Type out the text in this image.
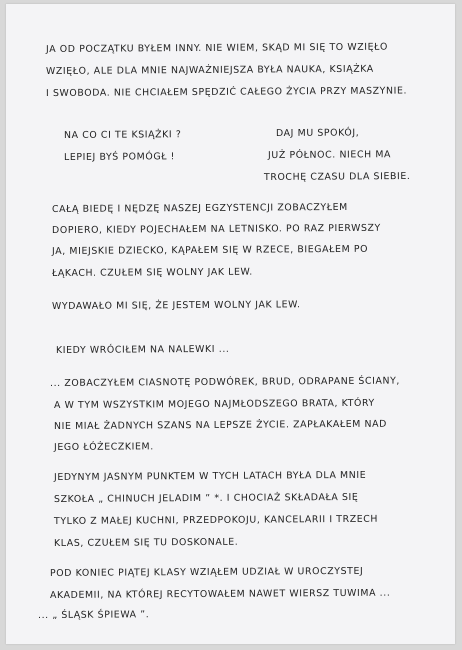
JA OD POCZĄTKU BYŁEM INNY. NIE WIEM, SKĄD MI SIĘ TO WZIĘŁO
WZIĘŁO, ALE DLA MNIE NAJWAŻNIEJSZA BYŁA NAUKA, KSIĄŻKA
I SWOBODA. NIE CHCIAŁEM SPĘDZIĆ CAŁEGO ŻYCIA PRZY MASZYNIE.
NA CO CI TE KSIĄŻKI ?
LEPIEJ BYŚ POMÓGŁ !
DAJ MU SPOKÓJ,
JUŻ PÓŁNOC. NIECH MA
TROCHĘ CZASU DLA SIEBIE.
CAŁĄ BIEDĘ I NĘDZĘ NASZEJ EGZYSTENCJI ZOBACZYŁEM
DOPIERO, KIEDY POJECHAŁEM NA LETNISKO. PO RAZ PIERWSZY
JA, MIEJSKIE DZIECKO, KĄPAŁEM SIĘ W RZECE, BIEGAŁEM PO
ŁĄKACH. CZUŁEM SIĘ WOLNY JAK LEW.
WYDAWAŁO MI SIĘ, ŻE JESTEM WOLNY JAK LEW.
KIEDY WRÓCIŁEM NA NALEWKI ...
... ZOBACZYŁEM CIASNOTĘ PODWÓREK, BRUD, ODRAPANE ŚCIANY,
A W TYM WSZYSTKIM MOJEGO NAJMŁODSZEGO BRATA, KTÓRY
NIE MIAŁ ŻADNYCH SZANS NA LEPSZE ŻYCIE. ZAPŁAKAŁEM NAD
JEGO ŁÓŻECZKIEM.
JEDYNYM JASNYM PUNKTEM W TYCH LATACH BYŁA DLA MNIE
SZKOŁA „ CHINUCH JELADIM ” *. I CHOCIAŻ SKŁADAŁA SIĘ
TYLKO Z MAŁEJ KUCHNI, PRZEDPOKOJU, KANCELARII I TRZECH
KLAS, CZUŁEM SIĘ TU DOSKONALE.
POD KONIEC PIĄTEJ KLASY WZIĄŁEM UDZIAŁ W UROCZYSTEJ
AKADEMII, NA KTÓREJ RECYTOWAŁEM NAWET WIERSZ TUWIMA ...
... „ ŚLĄSK ŚPIEWA ”.
